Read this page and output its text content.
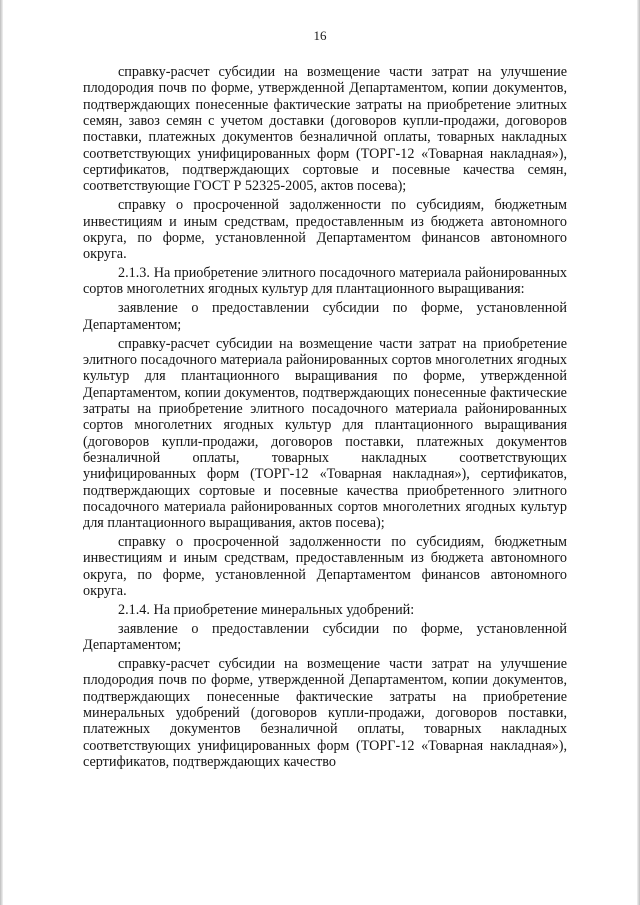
16

справку-расчет субсидии на возмещение части затрат на улучшение плодородия почв по форме, утвержденной Департаментом, копии документов, подтверждающих понесенные фактические затраты на приобретение элитных семян, завоз семян с учетом доставки (договоров купли-продажи, договоров поставки, платежных документов безналичной оплаты, товарных накладных соответствующих унифицированных форм (ТОРГ-12 «Товарная накладная»), сертификатов, подтверждающих сортовые и посевные качества семян, соответствующие ГОСТ Р 52325-2005, актов посева);

справку о просроченной задолженности по субсидиям, бюджетным инвестициям и иным средствам, предоставленным из бюджета автономного округа, по форме, установленной Департаментом финансов автономного округа.

2.1.3. На приобретение элитного посадочного материала районированных сортов многолетних ягодных культур для плантационного выращивания:

заявление о предоставлении субсидии по форме, установленной Департаментом;

справку-расчет субсидии на возмещение части затрат на приобретение элитного посадочного материала районированных сортов многолетних ягодных культур для плантационного выращивания по форме, утвержденной Департаментом, копии документов, подтверждающих понесенные фактические затраты на приобретение элитного посадочного материала районированных сортов многолетних ягодных культур для плантационного выращивания (договоров купли-продажи, договоров поставки, платежных документов безналичной оплаты, товарных накладных соответствующих унифицированных форм (ТОРГ-12 «Товарная накладная»), сертификатов, подтверждающих сортовые и посевные качества приобретенного элитного посадочного материала районированных сортов многолетних ягодных культур для плантационного выращивания, актов посева);

справку о просроченной задолженности по субсидиям, бюджетным инвестициям и иным средствам, предоставленным из бюджета автономного округа, по форме, установленной Департаментом финансов автономного округа.

2.1.4. На приобретение минеральных удобрений:

заявление о предоставлении субсидии по форме, установленной Департаментом;

справку-расчет субсидии на возмещение части затрат на улучшение плодородия почв по форме, утвержденной Департаментом, копии документов, подтверждающих понесенные фактические затраты на приобретение минеральных удобрений (договоров купли-продажи, договоров поставки, платежных документов безналичной оплаты, товарных накладных соответствующих унифицированных форм (ТОРГ-12 «Товарная накладная»), сертификатов, подтверждающих качество
